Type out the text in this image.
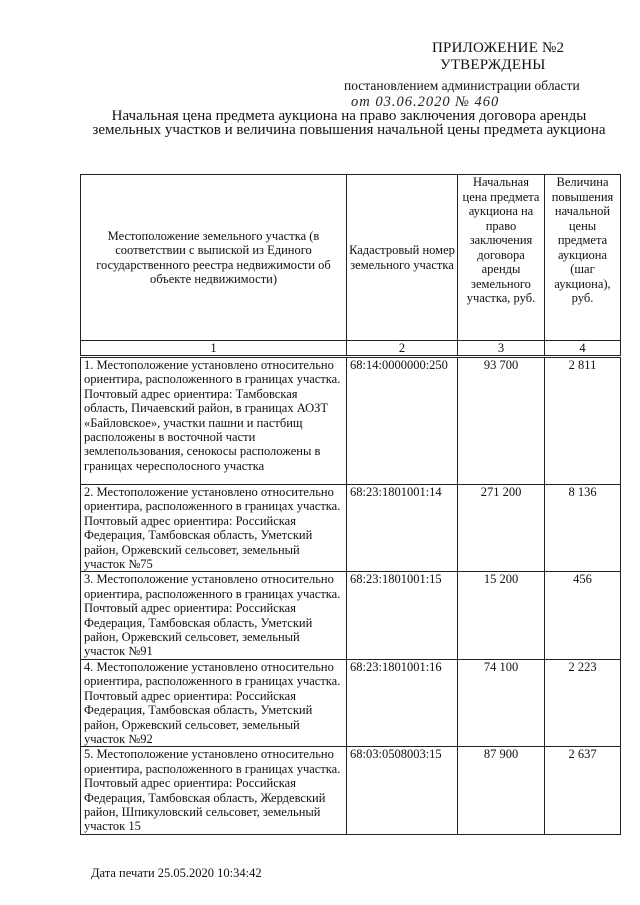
ПРИЛОЖЕНИЕ №2
УТВЕРЖДЕНЫ
постановлением администрации области
от 03.06.2020 № 460
Начальная цена предмета аукциона на право заключения договора аренды земельных участков и величина повышения начальной цены предмета аукциона
Местоположение земельного участка (в соответствии с выпиской из Единого государственного реестра недвижимости об объекте недвижимости)	Кадастровый номер земельного участка	Начальная цена предмета аукциона на право заключения договора аренды земельного участка, руб.	Величина повышения начальной цены предмета аукциона (шаг аукциона), руб.
1	2	3	4
1. Местоположение установлено относительно ориентира, расположенного в границах участка. Почтовый адрес ориентира: Тамбовская область, Пичаевский район, в границах АОЗТ «Байловское», участки пашни и пастбищ расположены в восточной части землепользования, сенокосы расположены в границах чересполосного участка	68:14:0000000:250	93 700	2 811
2. Местоположение установлено относительно ориентира, расположенного в границах участка. Почтовый адрес ориентира: Российская Федерация, Тамбовская область, Уметский район, Оржевский сельсовет, земельный участок №75	68:23:1801001:14	271 200	8 136
3. Местоположение установлено относительно ориентира, расположенного в границах участка. Почтовый адрес ориентира: Российская Федерация, Тамбовская область, Уметский район, Оржевский сельсовет, земельный участок №91	68:23:1801001:15	15 200	456
4. Местоположение установлено относительно ориентира, расположенного в границах участка. Почтовый адрес ориентира: Российская Федерация, Тамбовская область, Уметский район, Оржевский сельсовет, земельный участок №92	68:23:1801001:16	74 100	2 223
5. Местоположение установлено относительно ориентира, расположенного в границах участка. Почтовый адрес ориентира: Российская Федерация, Тамбовская область, Жердевский район, Шпикуловский сельсовет, земельный участок 15	68:03:0508003:15	87 900	2 637
Дата печати 25.05.2020 10:34:42
